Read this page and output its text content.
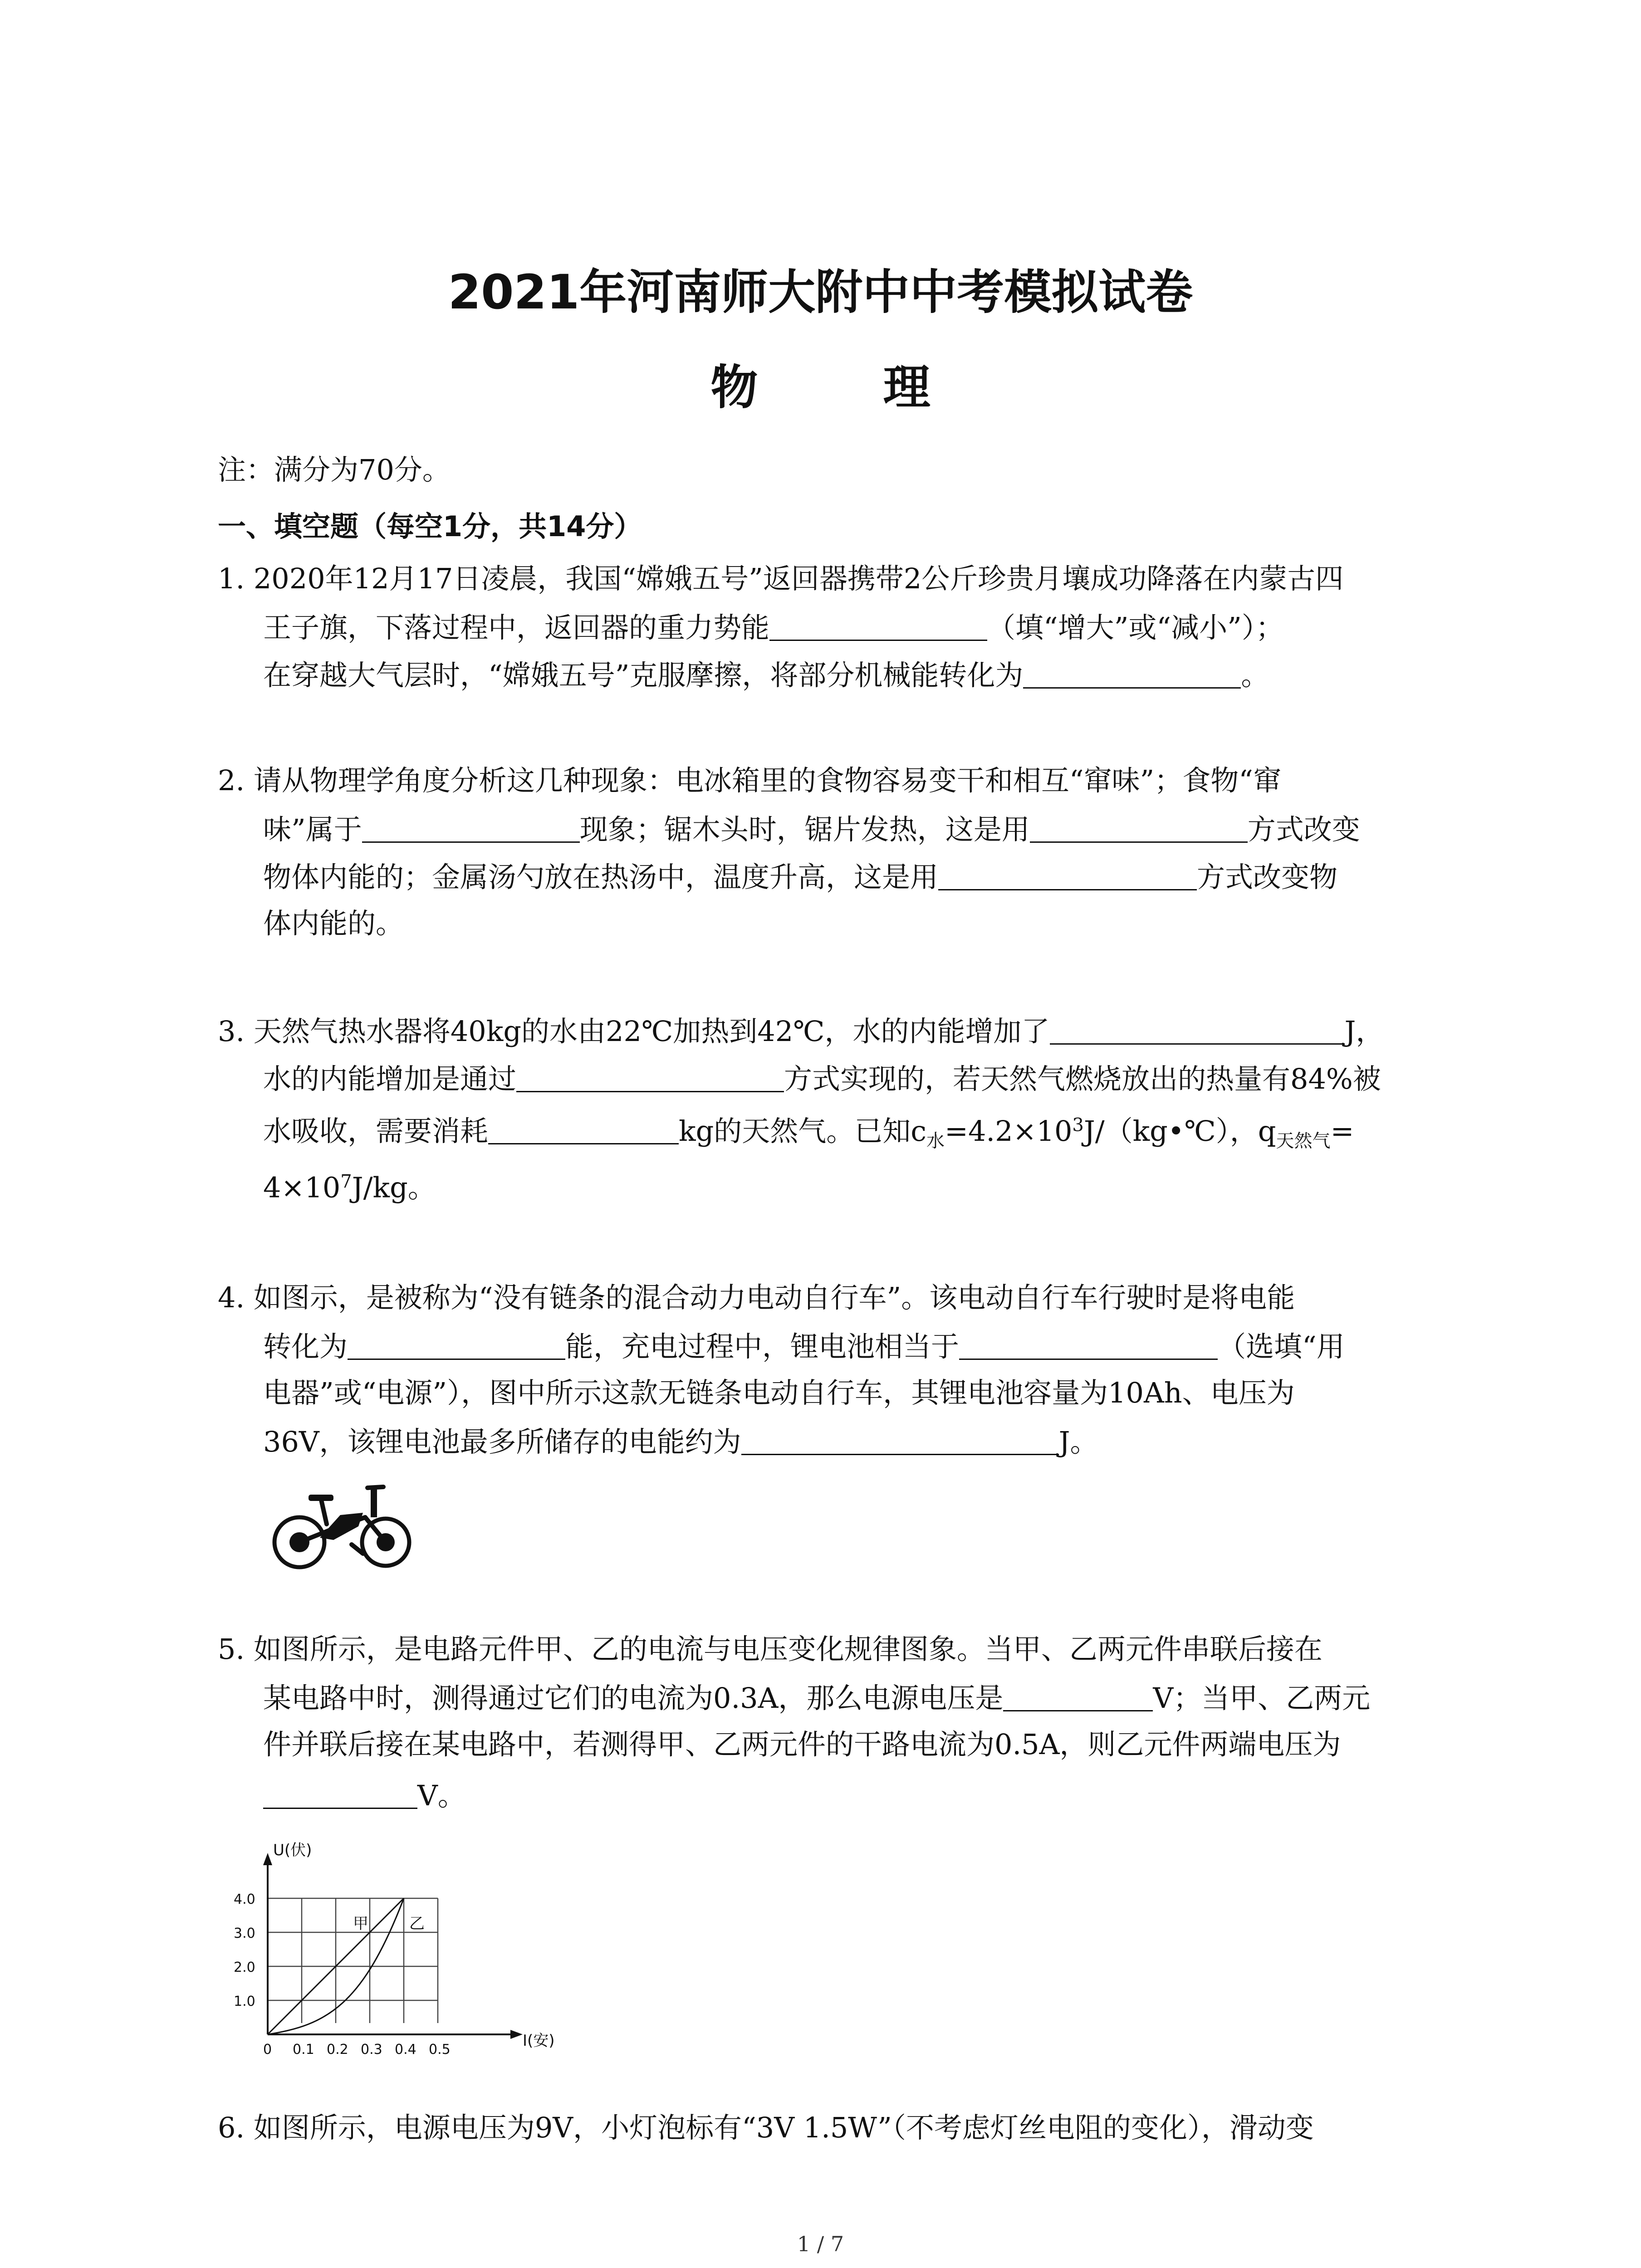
2021年河南师大附中中考模拟试卷
物 理
注：满分为70分。
一、填空题（每空1分，共14分）
1. 2020年12月17日凌晨，我国“嫦娥五号”返回器携带2公斤珍贵月壤成功降落在内蒙古四
王子旗，下落过程中，返回器的重力势能	（填“增大”或“减小”）；
在穿越大气层时，“嫦娥五号”克服摩擦，将部分机械能转化为	。
2. 请从物理学角度分析这几种现象：电冰箱里的食物容易变干和相互“窜味”；食物“窜
味”属于	现象；锯木头时，锯片发热，这是用	方式改变
物体内能的；金属汤勺放在热汤中，温度升高，这是用	方式改变物
体内能的。
3. 天然气热水器将40kg的水由22℃加热到42℃，水的内能增加了	J，
水的内能增加是通过	方式实现的，若天然气燃烧放出的热量有84%被
水吸收，需要消耗	kg的天然气。已知$c_水=4.2\times 10^3J/(kg•℃)$，$q_{天然气}=$
$4\times 10^7J/kg$。
4. 如图示，是被称为“没有链条的混合动力电动自行车”。该电动自行车行驶时是将电能
转化为	能，充电过程中，锂电池相当于	（选填“用
电器”或“电源”），图中所示这款无链条电动自行车，其锂电池容量为10Ah、电压为
36V，该锂电池最多所储存的电能约为	J。
5. 如图所示，是电路元件甲、乙的电流与电压变化规律图象。当甲、乙两元件串联后接在
某电路中时，测得通过它们的电流为0.3A，那么电源电压是	V；当甲、乙两元
件并联后接在某电路中，若测得甲、乙两元件的干路电流为0.5A，则乙元件两端电压为
V。
U(伏)
I(安)
4.0
3.0
2.0
1.0
0 0.1 0.2 0.3 0.4 0.5
甲	乙
6. 如图所示，电源电压为9V，小灯泡标有“3V 1.5W”（不考虑灯丝电阻的变化），滑动变
1 / 7
